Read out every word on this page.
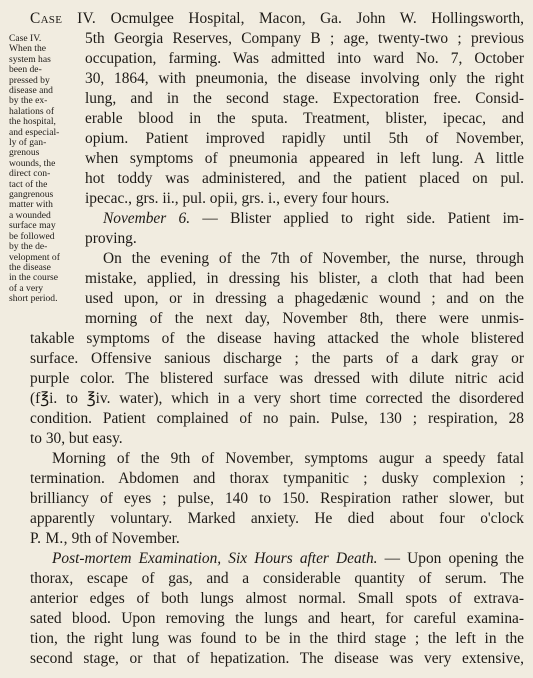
Case IV.
When the
system has
been de-
pressed by
disease and
by the ex-
halations of
the hospital,
and especial-
ly of gan-
grenous
wounds, the
direct con-
tact of the
gangrenous
matter with
a wounded
surface may
be followed
by the de-
velopment of
the disease
in the course
of a very
short period.
Case IV. Ocmulgee Hospital, Macon, Ga. John W. Hollingsworth,
5th Georgia Reserves, Company B ; age, twenty-two ; previous
occupation, farming. Was admitted into ward No. 7, October
30, 1864, with pneumonia, the disease involving only the right
lung, and in the second stage. Expectoration free. Consid-
erable blood in the sputa. Treatment, blister, ipecac, and
opium. Patient improved rapidly until 5th of November,
when symptoms of pneumonia appeared in left lung. A little
hot toddy was administered, and the patient placed on pul.
ipecac., grs. ii., pul. opii, grs. i., every four hours.
November 6. — Blister applied to right side. Patient im-
proving.
On the evening of the 7th of November, the nurse, through
mistake, applied, in dressing his blister, a cloth that had been
used upon, or in dressing a phagedænic wound ; and on the
morning of the next day, November 8th, there were unmis-
takable symptoms of the disease having attacked the whole blistered
surface. Offensive sanious discharge ; the parts of a dark gray or
purple color. The blistered surface was dressed with dilute nitric acid
(f℥i. to ℥iv. water), which in a very short time corrected the disordered
condition. Patient complained of no pain. Pulse, 130 ; respiration, 28
to 30, but easy.
Morning of the 9th of November, symptoms augur a speedy fatal
termination. Abdomen and thorax tympanitic ; dusky complexion ;
brilliancy of eyes ; pulse, 140 to 150. Respiration rather slower, but
apparently voluntary. Marked anxiety. He died about four o'clock
P. M., 9th of November.
Post-mortem Examination, Six Hours after Death. — Upon opening the
thorax, escape of gas, and a considerable quantity of serum. The
anterior edges of both lungs almost normal. Small spots of extrava-
sated blood. Upon removing the lungs and heart, for careful examina-
tion, the right lung was found to be in the third stage ; the left in the
second stage, or that of hepatization. The disease was very extensive,
